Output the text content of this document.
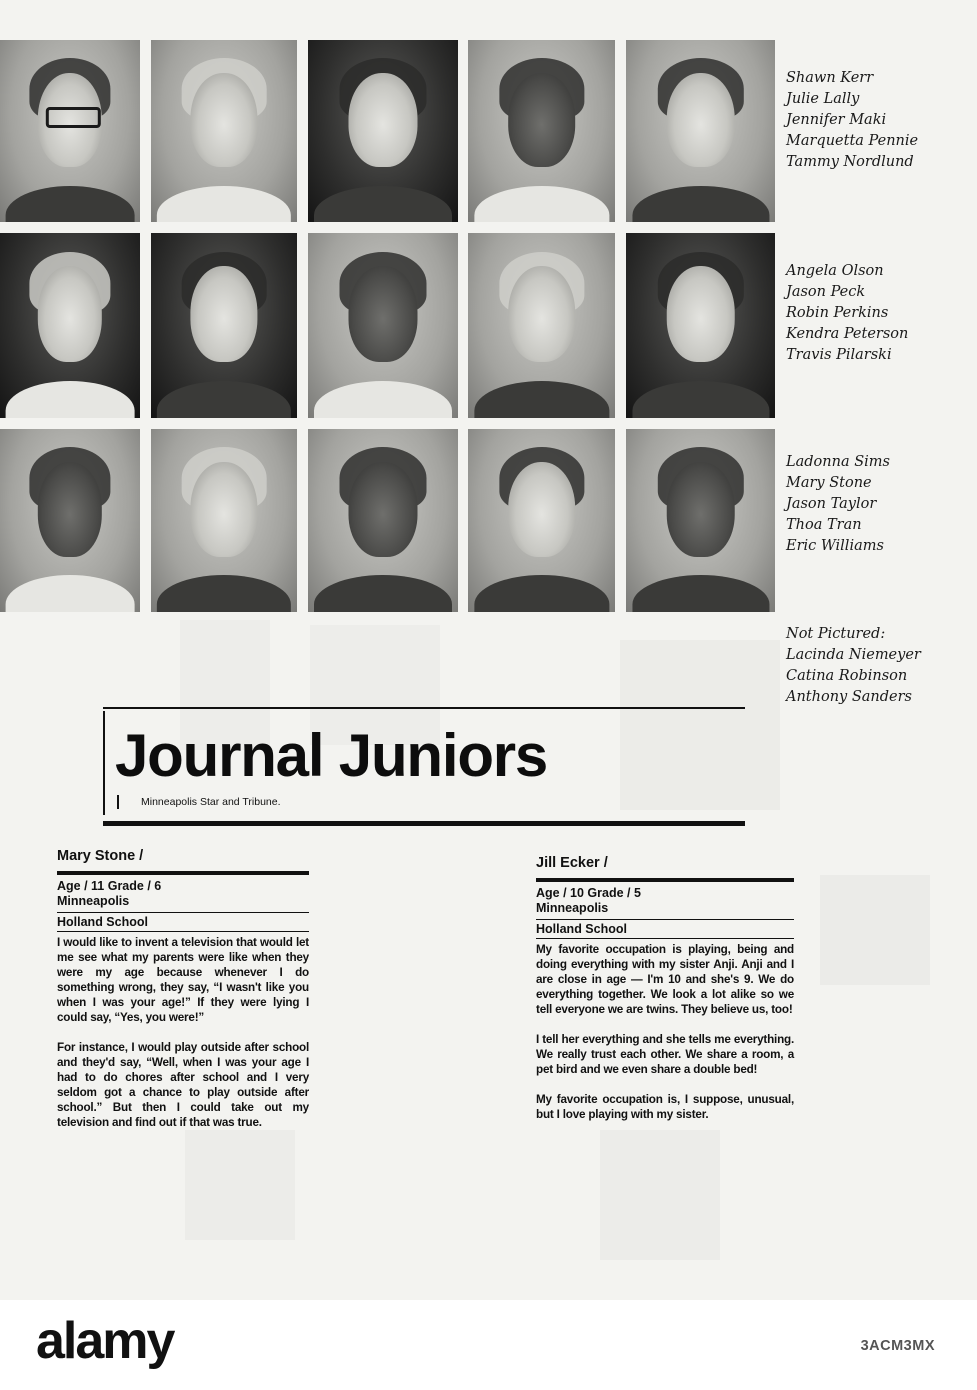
Shawn Kerr
Julie Lally
Jennifer Maki
Marquetta Pennie
Tammy Nordlund
Angela Olson
Jason Peck
Robin Perkins
Kendra Peterson
Travis Pilarski
Ladonna Sims
Mary Stone
Jason Taylor
Thoa Tran
Eric Williams
Not Pictured:
Lacinda Niemeyer
Catina Robinson
Anthony Sanders
Journal Juniors
Minneapolis Star and Tribune.
Mary Stone /
Age / 11 Grade / 6
Minneapolis
Holland School

I would like to invent a television that would let me see what my parents were like when they were my age because whenever I do something wrong, they say, “I wasn't like you when I was your age!” If they were lying I could say, “Yes, you were!”

For instance, I would play outside after school and they'd say, “Well, when I was your age I had to do chores after school and I very seldom got a chance to play outside after school.” But then I could take out my television and find out if that was true.

Jill Ecker /
Age / 10 Grade / 5
Minneapolis
Holland School

My favorite occupation is playing, being and doing everything with my sister Anji. Anji and I are close in age — I'm 10 and she's 9. We do everything together. We look a lot alike so we tell everyone we are twins. They believe us, too!

I tell her everything and she tells me everything. We really trust each other. We share a room, a pet bird and we even share a double bed!

My favorite occupation is, I suppose, unusual, but I love playing with my sister.

alamy	3ACM3MX
